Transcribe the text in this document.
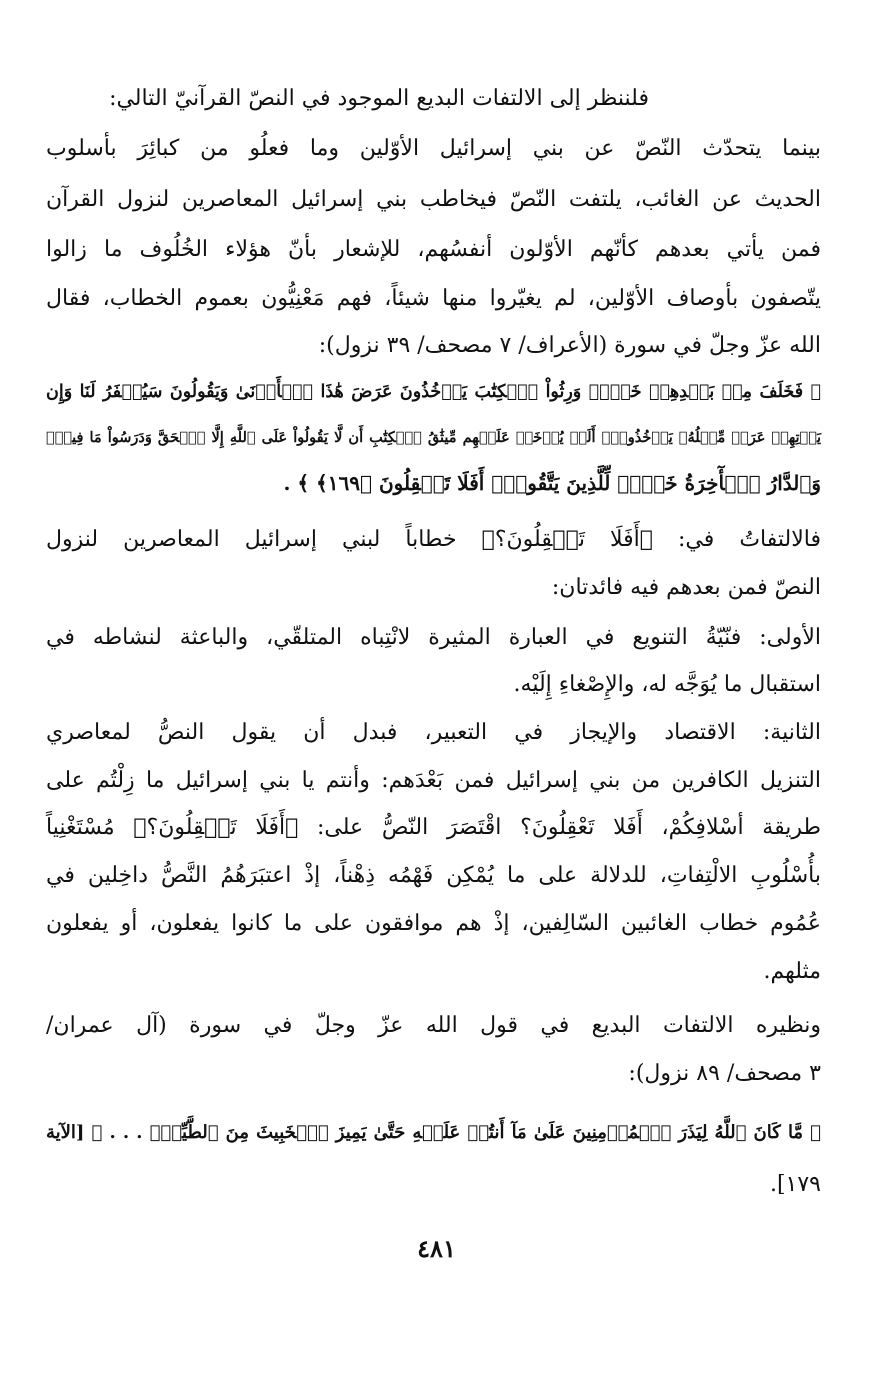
فلننظر إلى الالتفات البديع الموجود في النصّ القرآنيّ التالي:
بينما يتحدّث النّصّ عن بني إسرائيل الأوّلين وما فعلُو من كبائِرَ بأسلوب
الحديث عن الغائب، يلتفت النّصّ فيخاطب بني إسرائيل المعاصرين لنزول القرآن
فمن يأتي بعدهم كأنّهم الأوّلون أنفسُهم، للإشعار بأنّ هؤلاء الخُلُوف ما زالوا
يتّصفون بأوصاف الأوّلين، لم يغيّروا منها شيئاً، فهم مَعْنِيُّون بعموم الخطاب، فقال
الله عزّ وجلّ في سورة (الأعراف/ ٧ مصحف/ ٣٩ نزول):
﴿ فَخَلَفَ مِنۢ بَعۡدِهِمۡ خَلۡفٞ وَرِثُواْ ٱلۡكِتَٰبَ يَأۡخُذُونَ عَرَضَ هَٰذَا ٱلۡأَدۡنَىٰ وَيَقُولُونَ سَيُغۡفَرُ لَنَا وَإِن
يَأۡتِهِمۡ عَرَضٞ مِّثۡلُهُۥ يَأۡخُذُوهُۚ أَلَمۡ يُؤۡخَذۡ عَلَيۡهِم مِّيثَٰقُ ٱلۡكِتَٰبِ أَن لَّا يَقُولُواْ عَلَى ٱللَّهِ إِلَّا ٱلۡحَقَّ وَدَرَسُواْ مَا فِيهِۗ
وَٱلدَّارُ ٱلۡأٓخِرَةُ خَيۡرٞ لِّلَّذِينَ يَتَّقُونَۚ أَفَلَا تَعۡقِلُونَ ﴿١٦٩﴾ ﴾ .
فالالتفاتُ في: ﴿أَفَلَا تَعۡقِلُونَ؟﴾ خطاباً لبني إسرائيل المعاصرين لنزول
النصّ فمن بعدهم فيه فائدتان:
الأولى: فنّيّةُ التنويع في العبارة المثيرة لانْتِباه المتلقّي، والباعثة لنشاطه في
استقبال ما يُوَجَّه له، والإِصْغاءِ إِلَيْه.
الثانية: الاقتصاد والإيجاز في التعبير، فبدل أن يقول النصُّ لمعاصري
التنزيل الكافرين من بني إسرائيل فمن بَعْدَهم: وأنتم يا بني إسرائيل ما زِلْتُم على
طريقة أسْلافِكُمْ، أَفَلا تَعْقِلُونَ؟ اقْتَصَرَ النّصُّ على: ﴿أَفَلَا تَعۡقِلُونَ؟﴾ مُسْتَغْنِياً
بأُسْلُوبِ الالْتِفاتِ، للدلالة على ما يُمْكِن فَهْمُه ذِهْناً، إذْ اعتبَرَهُمُ النَّصُّ داخِلين في
عُمُوم خطاب الغائبين السّالِفين، إذْ هم موافقون على ما كانوا يفعلون، أو يفعلون
مثلهم.
ونظيره الالتفات البديع في قول الله عزّ وجلّ في سورة (آل عمران/
٣ مصحف/ ٨٩ نزول):
﴿ مَّا كَانَ ٱللَّهُ لِيَذَرَ ٱلۡمُؤۡمِنِينَ عَلَىٰ مَآ أَنتُمۡ عَلَيۡهِ حَتَّىٰ يَمِيزَ ٱلۡخَبِيثَ مِنَ ٱلطَّيِّبِۗ . . . ﴾ [الآية
١٧٩].
٤٨١
